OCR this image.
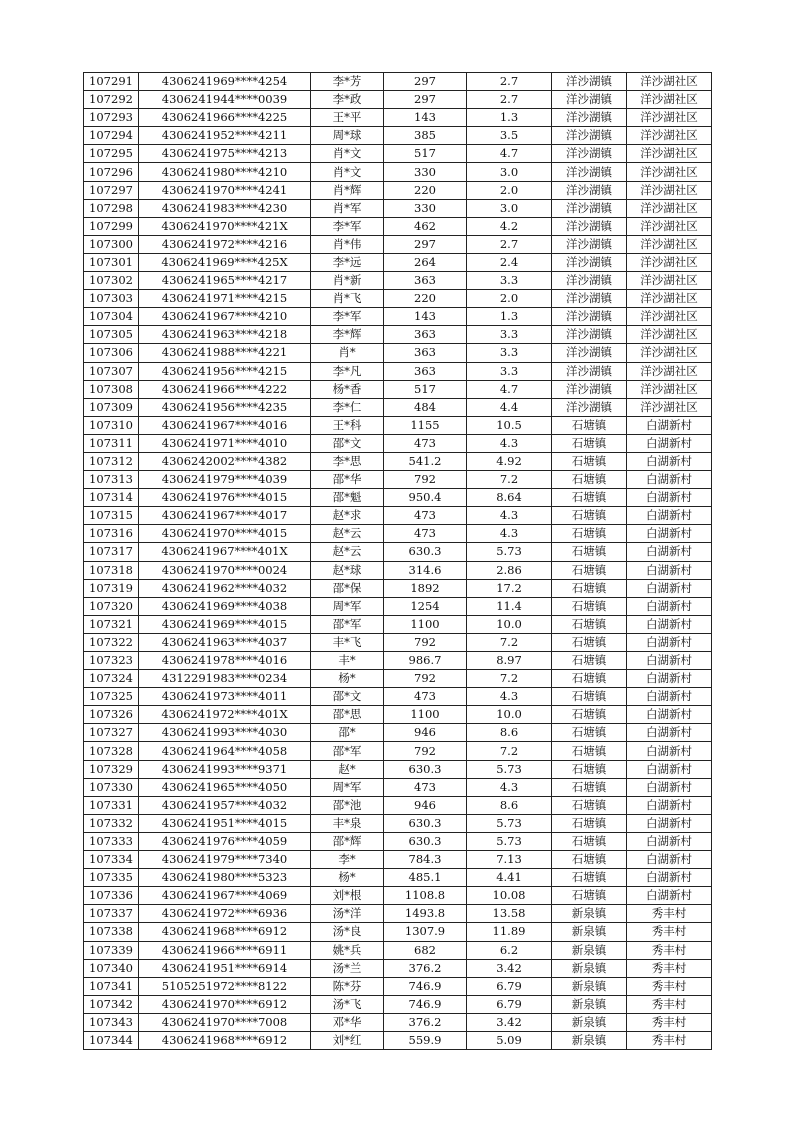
107291	4306241969****4254	李*芳	297	2.7	洋沙湖镇	洋沙湖社区
107292	4306241944****0039	李*政	297	2.7	洋沙湖镇	洋沙湖社区
107293	4306241966****4225	王*平	143	1.3	洋沙湖镇	洋沙湖社区
107294	4306241952****4211	周*球	385	3.5	洋沙湖镇	洋沙湖社区
107295	4306241975****4213	肖*文	517	4.7	洋沙湖镇	洋沙湖社区
107296	4306241980****4210	肖*文	330	3.0	洋沙湖镇	洋沙湖社区
107297	4306241970****4241	肖*辉	220	2.0	洋沙湖镇	洋沙湖社区
107298	4306241983****4230	肖*军	330	3.0	洋沙湖镇	洋沙湖社区
107299	4306241970****421X	李*军	462	4.2	洋沙湖镇	洋沙湖社区
107300	4306241972****4216	肖*伟	297	2.7	洋沙湖镇	洋沙湖社区
107301	4306241969****425X	李*远	264	2.4	洋沙湖镇	洋沙湖社区
107302	4306241965****4217	肖*新	363	3.3	洋沙湖镇	洋沙湖社区
107303	4306241971****4215	肖*飞	220	2.0	洋沙湖镇	洋沙湖社区
107304	4306241967****4210	李*军	143	1.3	洋沙湖镇	洋沙湖社区
107305	4306241963****4218	李*辉	363	3.3	洋沙湖镇	洋沙湖社区
107306	4306241988****4221	肖*	363	3.3	洋沙湖镇	洋沙湖社区
107307	4306241956****4215	李*凡	363	3.3	洋沙湖镇	洋沙湖社区
107308	4306241966****4222	杨*香	517	4.7	洋沙湖镇	洋沙湖社区
107309	4306241956****4235	李*仁	484	4.4	洋沙湖镇	洋沙湖社区
107310	4306241967****4016	王*科	1155	10.5	石塘镇	白湖新村
107311	4306241971****4010	邵*文	473	4.3	石塘镇	白湖新村
107312	4306242002****4382	李*思	541.2	4.92	石塘镇	白湖新村
107313	4306241979****4039	邵*华	792	7.2	石塘镇	白湖新村
107314	4306241976****4015	邵*魁	950.4	8.64	石塘镇	白湖新村
107315	4306241967****4017	赵*求	473	4.3	石塘镇	白湖新村
107316	4306241970****4015	赵*云	473	4.3	石塘镇	白湖新村
107317	4306241967****401X	赵*云	630.3	5.73	石塘镇	白湖新村
107318	4306241970****0024	赵*球	314.6	2.86	石塘镇	白湖新村
107319	4306241962****4032	邵*保	1892	17.2	石塘镇	白湖新村
107320	4306241969****4038	周*军	1254	11.4	石塘镇	白湖新村
107321	4306241969****4015	邵*军	1100	10.0	石塘镇	白湖新村
107322	4306241963****4037	丰*飞	792	7.2	石塘镇	白湖新村
107323	4306241978****4016	丰*	986.7	8.97	石塘镇	白湖新村
107324	4312291983****0234	杨*	792	7.2	石塘镇	白湖新村
107325	4306241973****4011	邵*文	473	4.3	石塘镇	白湖新村
107326	4306241972****401X	邵*思	1100	10.0	石塘镇	白湖新村
107327	4306241993****4030	邵*	946	8.6	石塘镇	白湖新村
107328	4306241964****4058	邵*军	792	7.2	石塘镇	白湖新村
107329	4306241993****9371	赵*	630.3	5.73	石塘镇	白湖新村
107330	4306241965****4050	周*军	473	4.3	石塘镇	白湖新村
107331	4306241957****4032	邵*池	946	8.6	石塘镇	白湖新村
107332	4306241951****4015	丰*泉	630.3	5.73	石塘镇	白湖新村
107333	4306241976****4059	邵*辉	630.3	5.73	石塘镇	白湖新村
107334	4306241979****7340	李*	784.3	7.13	石塘镇	白湖新村
107335	4306241980****5323	杨*	485.1	4.41	石塘镇	白湖新村
107336	4306241967****4069	刘*根	1108.8	10.08	石塘镇	白湖新村
107337	4306241972****6936	汤*洋	1493.8	13.58	新泉镇	秀丰村
107338	4306241968****6912	汤*良	1307.9	11.89	新泉镇	秀丰村
107339	4306241966****6911	姚*兵	682	6.2	新泉镇	秀丰村
107340	4306241951****6914	汤*兰	376.2	3.42	新泉镇	秀丰村
107341	5105251972****8122	陈*芬	746.9	6.79	新泉镇	秀丰村
107342	4306241970****6912	汤*飞	746.9	6.79	新泉镇	秀丰村
107343	4306241970****7008	邓*华	376.2	3.42	新泉镇	秀丰村
107344	4306241968****6912	刘*红	559.9	5.09	新泉镇	秀丰村
